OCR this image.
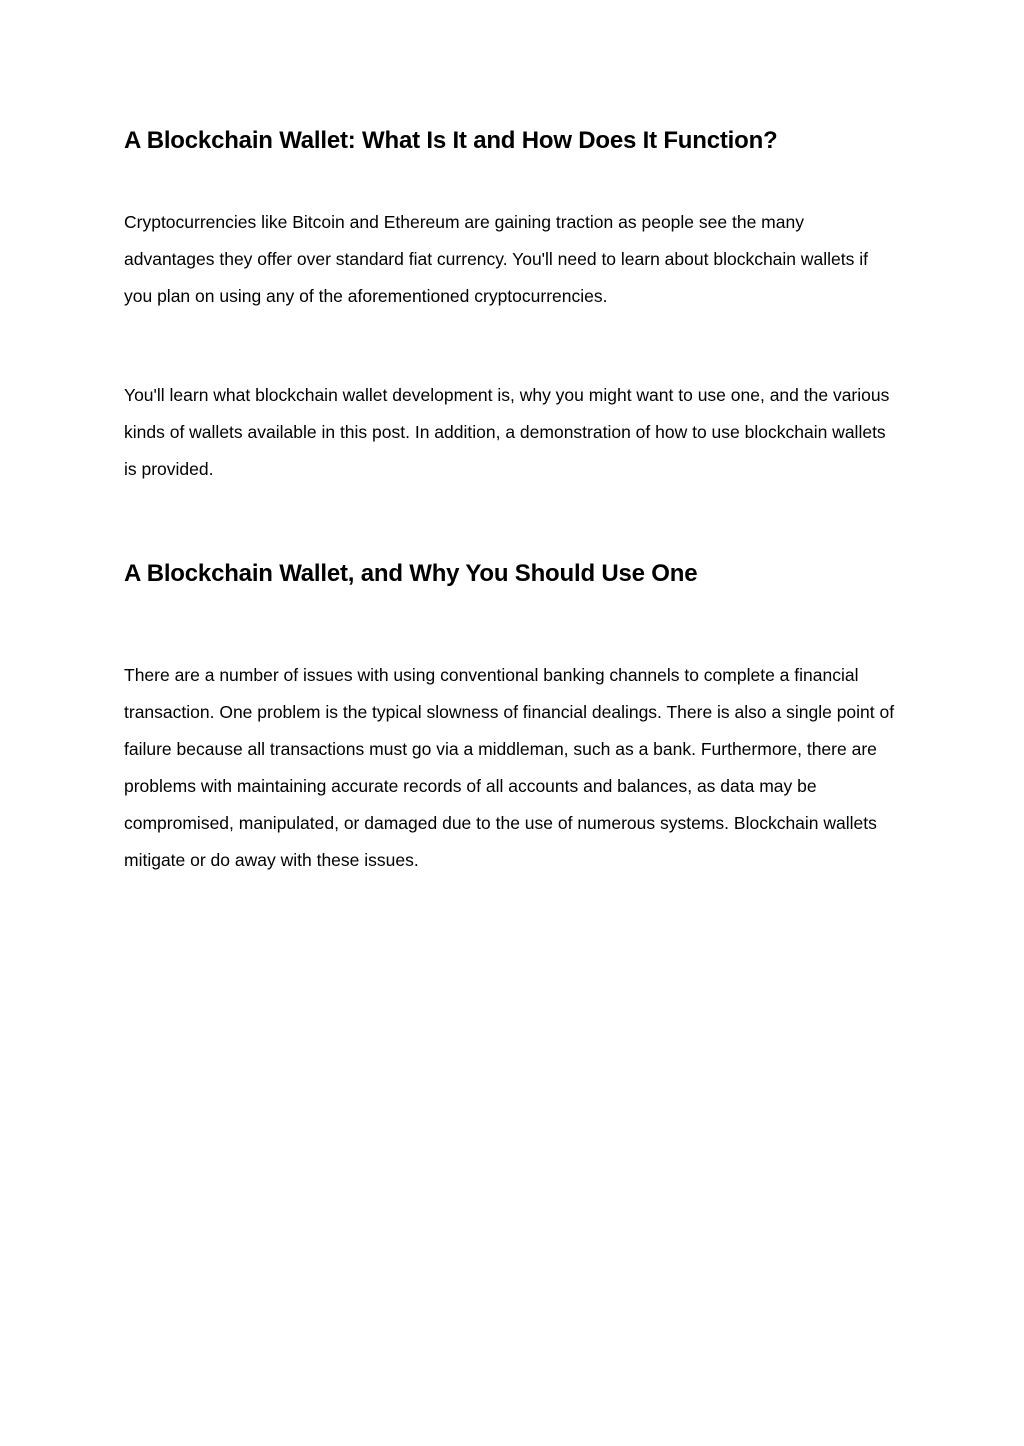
A Blockchain Wallet: What Is It and How Does It Function?

Cryptocurrencies like Bitcoin and Ethereum are gaining traction as people see the many advantages they offer over standard fiat currency. You'll need to learn about blockchain wallets if you plan on using any of the aforementioned cryptocurrencies.

You'll learn what blockchain wallet development is, why you might want to use one, and the various kinds of wallets available in this post. In addition, a demonstration of how to use blockchain wallets is provided.

A Blockchain Wallet, and Why You Should Use One

There are a number of issues with using conventional banking channels to complete a financial transaction. One problem is the typical slowness of financial dealings. There is also a single point of failure because all transactions must go via a middleman, such as a bank. Furthermore, there are problems with maintaining accurate records of all accounts and balances, as data may be compromised, manipulated, or damaged due to the use of numerous systems. Blockchain wallets mitigate or do away with these issues.
